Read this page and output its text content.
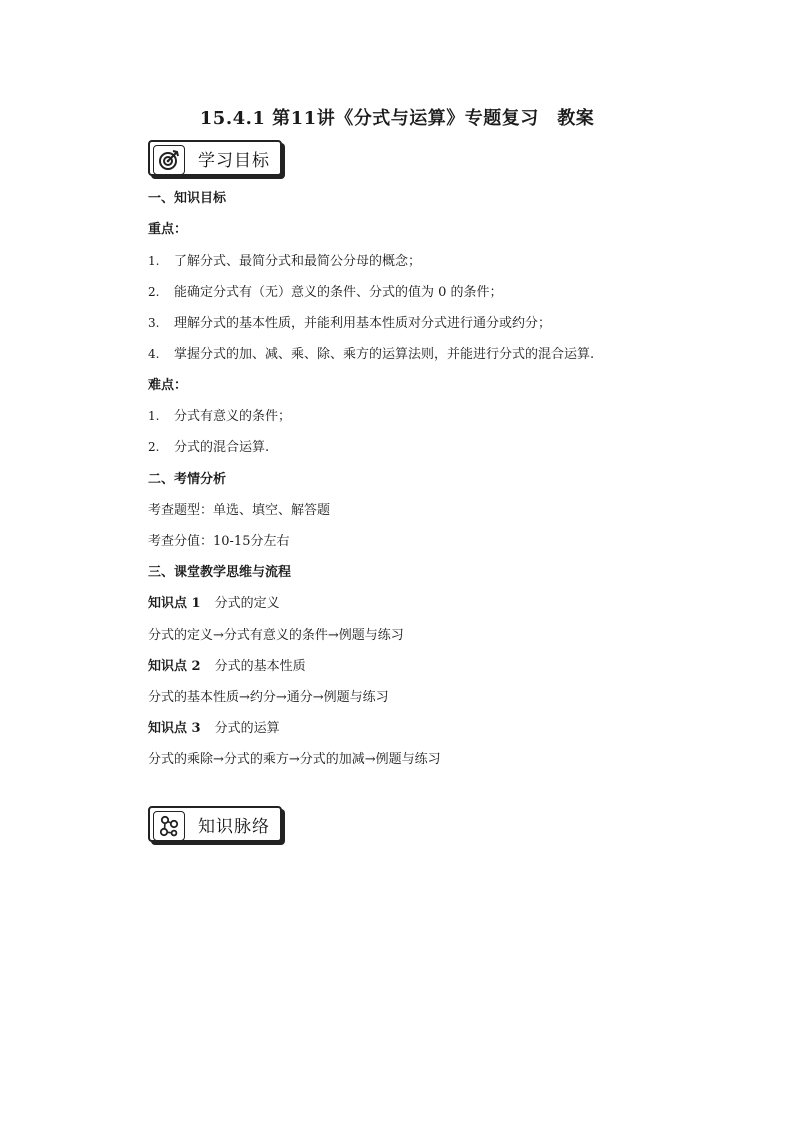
15.4.1 第11讲《分式与运算》专题复习　教案
学习目标
一、知识目标
重点：
1. 了解分式、最简分式和最简公分母的概念；
2. 能确定分式有（无）意义的条件、分式的值为 0 的条件；
3. 理解分式的基本性质，并能利用基本性质对分式进行通分或约分；
4. 掌握分式的加、减、乘、除、乘方的运算法则，并能进行分式的混合运算.
难点：
1. 分式有意义的条件；
2. 分式的混合运算.
二、考情分析
考查题型：单选、填空、解答题
考查分值：10-15分左右
三、课堂教学思维与流程
知识点 1 分式的定义
分式的定义→分式有意义的条件→例题与练习
知识点 2 分式的基本性质
分式的基本性质→约分→通分→例题与练习
知识点 3 分式的运算
分式的乘除→分式的乘方→分式的加减→例题与练习
知识脉络
